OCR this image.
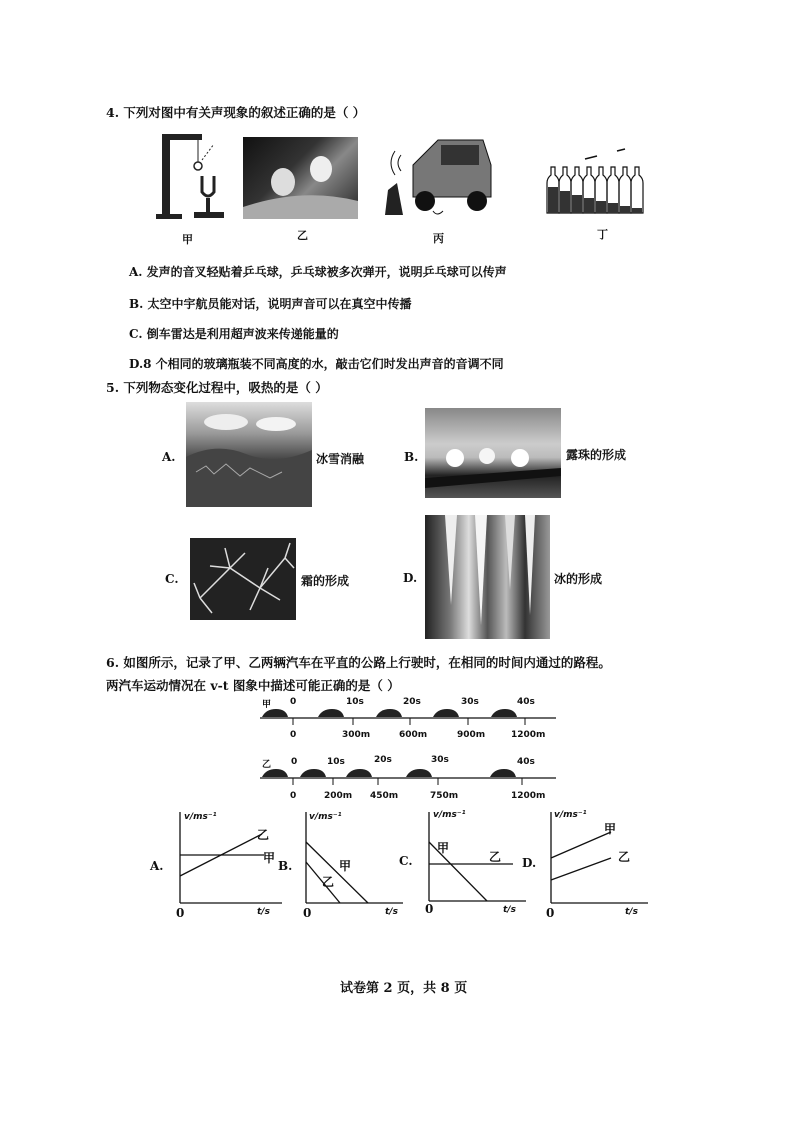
4. 下列对图中有关声现象的叙述正确的是（ ）
甲	乙	丙	丁
A. 发声的音叉轻贴着乒乓球，乒乓球被多次弹开，说明乒乓球可以传声
B. 太空中宇航员能对话，说明声音可以在真空中传播
C. 倒车雷达是利用超声波来传递能量的
D.8 个相同的玻璃瓶装不同高度的水，敲击它们时发出声音的音调不同
5. 下列物态变化过程中，吸热的是（ ）
A.	冰雪消融	B.	露珠的形成
C.	霜的形成	D.	冰的形成
6. 如图所示，记录了甲、乙两辆汽车在平直的公路上行驶时，在相同的时间内通过的路程。
两汽车运动情况在 v-t 图象中描述可能正确的是（ ）
甲 0	10s	20s	30s	40s
0	300m	600m	900m	1200m
乙 0	10s	20s	30s	40s
0	200m 450m	750m	1200m
A.
v/ms⁻¹
乙
甲
0	t/s
B.
v/ms⁻¹
甲
乙
0	t/s
C.
v/ms⁻¹
甲
乙
0	t/s
D.
v/ms⁻¹
甲
乙
0	t/s
试卷第 2 页，共 8 页
